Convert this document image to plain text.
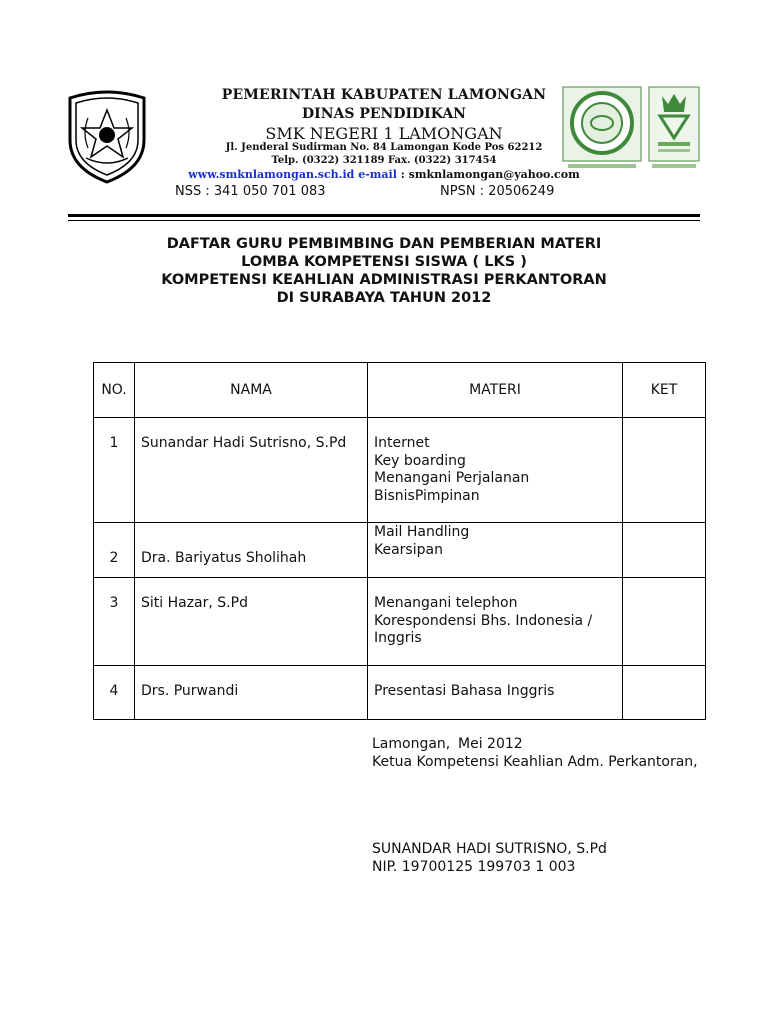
PEMERINTAH KABUPATEN LAMONGAN
DINAS PENDIDIKAN
SMK NEGERI 1 LAMONGAN
Jl. Jenderal Sudirman No. 84 Lamongan Kode Pos 62212
Telp. (0322) 321189 Fax. (0322) 317454
www.smknlamongan.sch.id e-mail : smknlamongan@yahoo.com
NSS : 341 050 701 083	NPSN : 20506249
DAFTAR GURU PEMBIMBING DAN PEMBERIAN MATERI
LOMBA KOMPETENSI SISWA ( LKS )
KOMPETENSI KEAHLIAN ADMINISTRASI PERKANTORAN
DI SURABAYA TAHUN 2012
NO.	NAMA	MATERI	KET

1	Sunandar Hadi Sutrisno, S.Pd	Internet
Key boarding
Menangani Perjalanan
BisnisPimpinan	

2	Dra. Bariyatus Sholihah	Mail Handling
Kearsipan	

3	Siti Hazar, S.Pd	Menangani telephon
Korespondensi Bhs. Indonesia /
Inggris	

4	Drs. Purwandi	Presentasi Bahasa Inggris	

Lamongan, Mei 2012
Ketua Kompetensi Keahlian Adm. Perkantoran,
SUNANDAR HADI SUTRISNO, S.Pd
NIP. 19700125 199703 1 003
